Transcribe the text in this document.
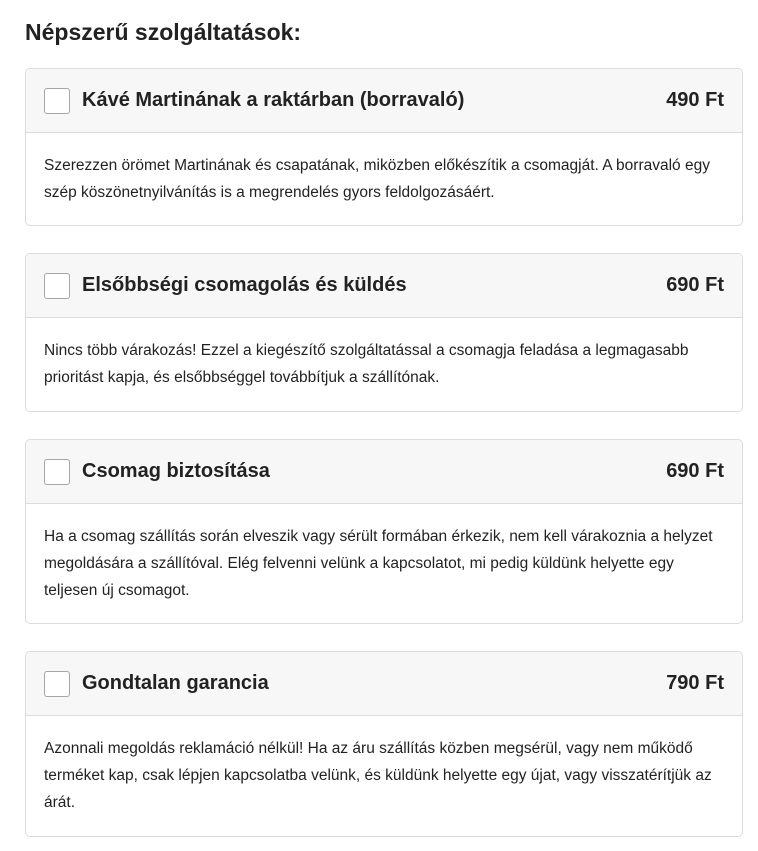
Népszerű szolgáltatások:
Kávé Martinának a raktárban (borravaló)	490 Ft

Szerezzen örömet Martinának és csapatának, miközben előkészítik a csomagját. A borravaló egy szép köszönetnyilvánítás is a megrendelés gyors feldolgozásáért.

Elsőbbségi csomagolás és küldés	690 Ft

Nincs több várakozás! Ezzel a kiegészítő szolgáltatással a csomagja feladása a legmagasabb prioritást kapja, és elsőbbséggel továbbítjuk a szállítónak.

Csomag biztosítása	690 Ft

Ha a csomag szállítás során elveszik vagy sérült formában érkezik, nem kell várakoznia a helyzet megoldására a szállítóval. Elég felvenni velünk a kapcsolatot, mi pedig küldünk helyette egy teljesen új csomagot.

Gondtalan garancia	790 Ft

Azonnali megoldás reklamáció nélkül! Ha az áru szállítás közben megsérül, vagy nem működő terméket kap, csak lépjen kapcsolatba velünk, és küldünk helyette egy újat, vagy visszatérítjük az árát.
